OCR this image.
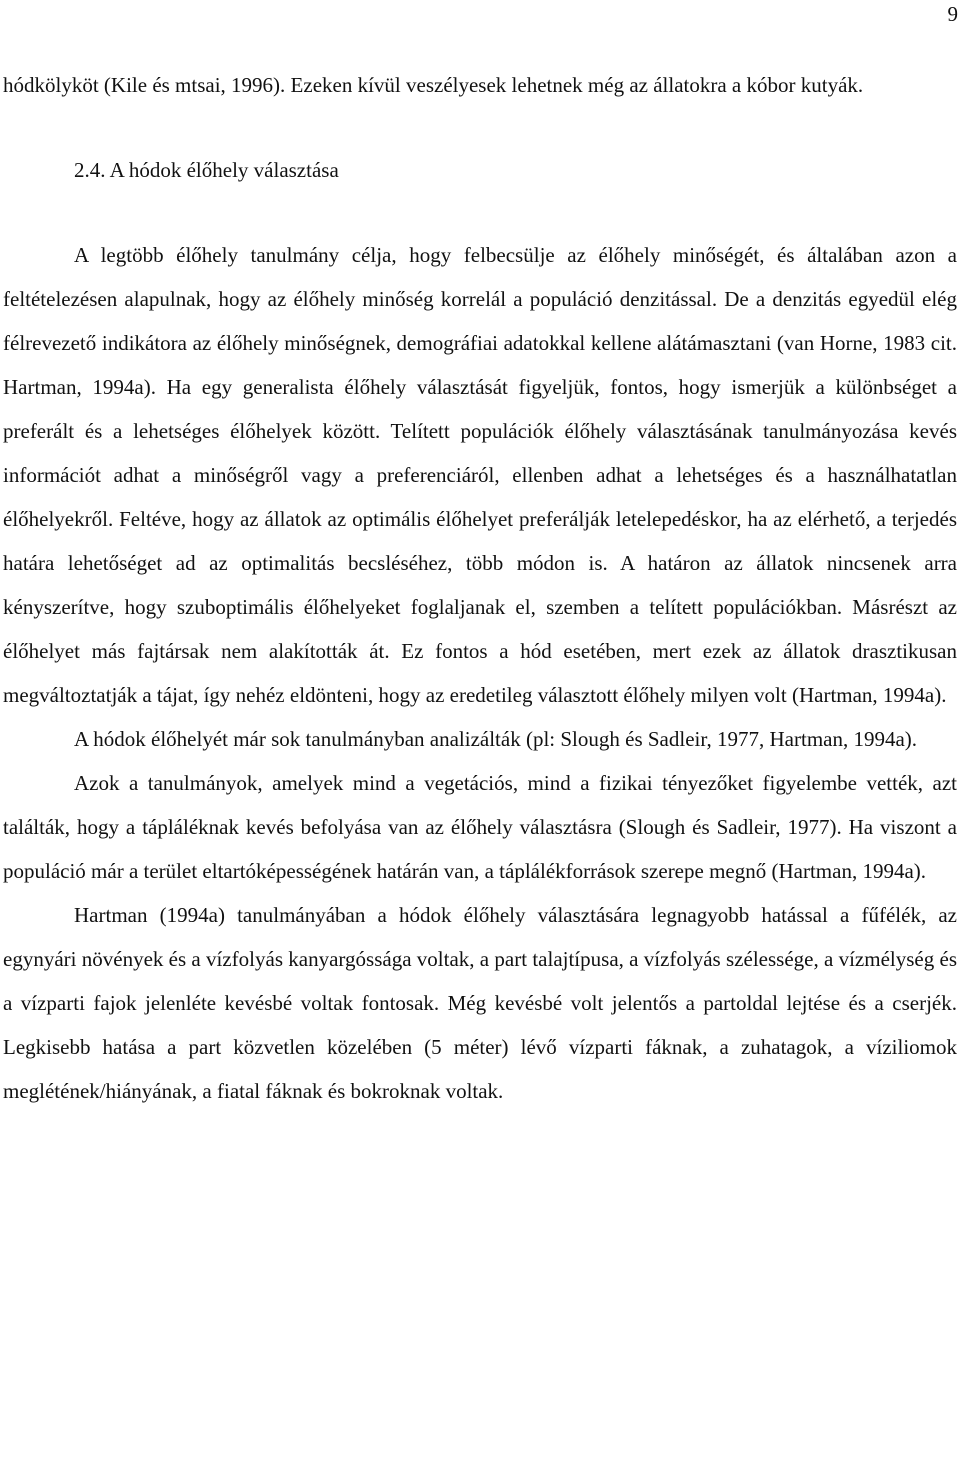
9

hódkölyköt (Kile és mtsai, 1996). Ezeken kívül veszélyesek lehetnek még az állatokra a kóbor kutyák.

2.4. A hódok élőhely választása

A legtöbb élőhely tanulmány célja, hogy felbecsülje az élőhely minőségét, és általában azon a feltételezésen alapulnak, hogy az élőhely minőség korrelál a populáció denzitással. De a denzitás egyedül elég félrevezető indikátora az élőhely minőségnek, demográfiai adatokkal kellene alátámasztani (van Horne, 1983 cit. Hartman, 1994a). Ha egy generalista élőhely választását figyeljük, fontos, hogy ismerjük a különbséget a preferált és a lehetséges élőhelyek között. Telített populációk élőhely választásának tanulmányozása kevés információt adhat a minőségről vagy a preferenciáról, ellenben adhat a lehetséges és a használhatatlan élőhelyekről. Feltéve, hogy az állatok az optimális élőhelyet preferálják letelepedéskor, ha az elérhető, a terjedés határa lehetőséget ad az optimalitás becsléséhez, több módon is. A határon az állatok nincsenek arra kényszerítve, hogy szuboptimális élőhelyeket foglaljanak el, szemben a telített populációkban. Másrészt az élőhelyet más fajtársak nem alakították át. Ez fontos a hód esetében, mert ezek az állatok drasztikusan megváltoztatják a tájat, így nehéz eldönteni, hogy az eredetileg választott élőhely milyen volt (Hartman, 1994a).

A hódok élőhelyét már sok tanulmányban analizálták (pl: Slough és Sadleir, 1977, Hartman, 1994a).

Azok a tanulmányok, amelyek mind a vegetációs, mind a fizikai tényezőket figyelembe vették, azt találták, hogy a tápláléknak kevés befolyása van az élőhely választásra (Slough és Sadleir, 1977). Ha viszont a populáció már a terület eltartóképességének határán van, a táplálékforrások szerepe megnő (Hartman, 1994a).

Hartman (1994a) tanulmányában a hódok élőhely választására legnagyobb hatással a fűfélék, az egynyári növények és a vízfolyás kanyargóssága voltak, a part talajtípusa, a vízfolyás szélessége, a vízmélység és a vízparti fajok jelenléte kevésbé voltak fontosak. Még kevésbé volt jelentős a partoldal lejtése és a cserjék. Legkisebb hatása a part közvetlen közelében (5 méter) lévő vízparti fáknak, a zuhatagok, a víziliomok meglétének/hiányának, a fiatal fáknak és bokroknak voltak.
